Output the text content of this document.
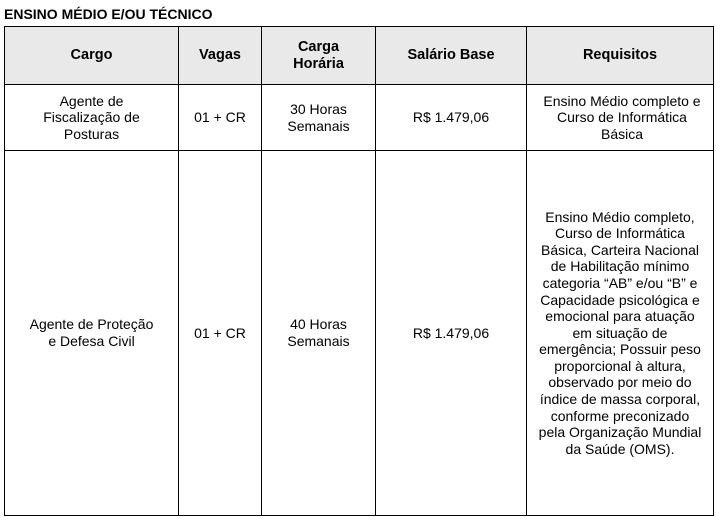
ENSINO MÉDIO E/OU TÉCNICO
Cargo	Vagas	Carga Horária	Salário Base	Requisitos
Agente de Fiscalização de Posturas	01 + CR	30 Horas Semanais	R$ 1.479,06	Ensino Médio completo e Curso de Informática Básica
Agente de Proteção e Defesa Civil	01 + CR	40 Horas Semanais	R$ 1.479,06	Ensino Médio completo, Curso de Informática Básica, Carteira Nacional de Habilitação mínimo categoria “AB” e/ou “B” e Capacidade psicológica e emocional para atuação em situação de emergência; Possuir peso proporcional à altura, observado por meio do índice de massa corporal, conforme preconizado pela Organização Mundial da Saúde (OMS).
